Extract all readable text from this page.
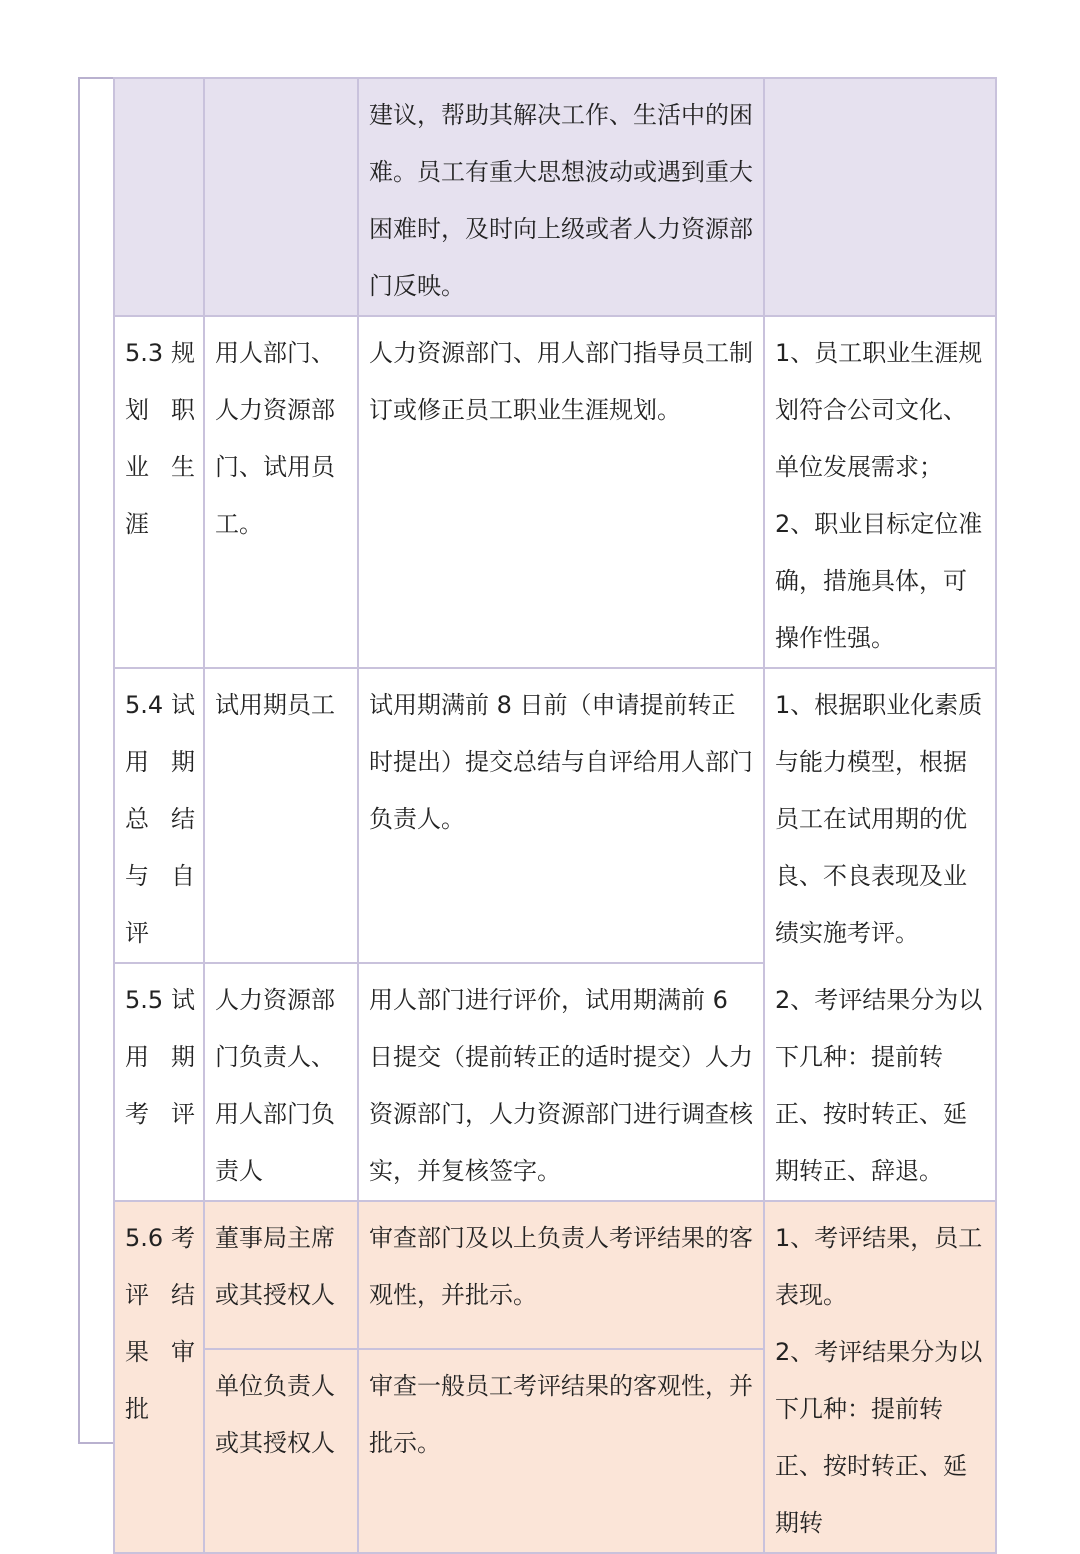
		建议，帮助其解决工作、生活中的困难。员工有重大思想波动或遇到重大困难时，及时向上级或者人力资源部门反映。	
5.3 规划职业生涯	用人部门、人力资源部门、试用员工。	人力资源部门、用人部门指导员工制订或修正员工职业生涯规划。	1、员工职业生涯规划符合公司文化、单位发展需求；
2、职业目标定位准确，措施具体，可操作性强。

5.4 试用期总结与自评	试用期员工	试用期满前 8 日前（申请提前转正时提出）提交总结与自评给用人部门负责人。	1、根据职业化素质与能力模型，根据员工在试用期的优良、不良表现及业绩实施考评。
5.5 试用期考评	人力资源部门负责人、用人部门负责人	用人部门进行评价，试用期满前 6 日提交（提前转正的适时提交）人力资源部门，人力资源部门进行调查核实，并复核签字。	2、考评结果分为以下几种：提前转正、按时转正、延期转正、辞退。
5.6 考评结果审批	董事局主席或其授权人	审查部门及以上负责人考评结果的客观性，并批示。	1、考评结果，员工表现。
2、考评结果分为以下几种：提前转正、按时转正、延期转

	单位负责人或其授权人	审查一般员工考评结果的客观性，并批示。	
